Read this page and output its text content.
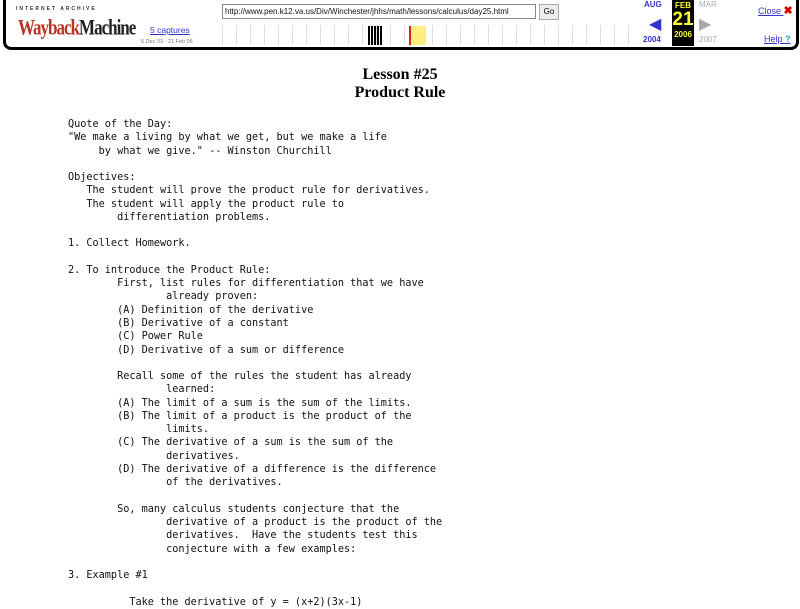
INTERNET ARCHIVE
WaybackMachine
http://www.pen.k12.va.us/Div/Winchester/jhhs/math/lessons/calculus/day25.html	Go
5 captures
5 Dec 03 - 21 Feb 06
AUG
◀
2004
FEB
21
2006
MAR
▶
2007
Close ✖
Help ?
Lesson #25
Product Rule
Quote of the Day:
"We make a living by what we get, but we make a life
by what we give." -- Winston Churchill

Objectives:
The student will prove the product rule for derivatives.
The student will apply the product rule to
differentiation problems.

1. Collect Homework.

2. To introduce the Product Rule:
First, list rules for differentiation that we have
already proven:
(A) Definition of the derivative
(B) Derivative of a constant
(C) Power Rule
(D) Derivative of a sum or difference

Recall some of the rules the student has already
learned:
(A) The limit of a sum is the sum of the limits.
(B) The limit of a product is the product of the
limits.
(C) The derivative of a sum is the sum of the
derivatives.
(D) The derivative of a difference is the difference
of the derivatives.

So, many calculus students conjecture that the
derivative of a product is the product of the
derivatives.  Have the students test this
conjecture with a few examples:

3. Example #1

Take the derivative of y = (x+2)(3x-1)
